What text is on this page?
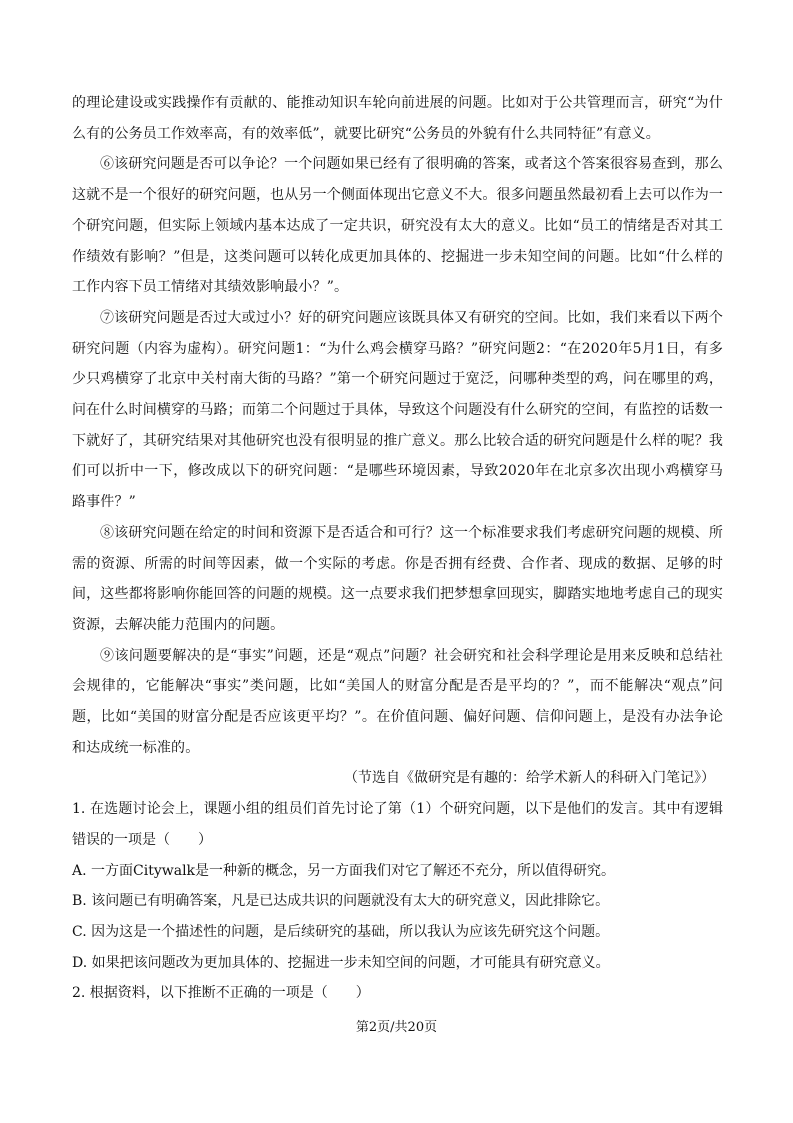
的理论建设或实践操作有贡献的、能推动知识车轮向前进展的问题。比如对于公共管理而言，研究“为什么有的公务员工作效率高，有的效率低”，就要比研究“公务员的外貌有什么共同特征”有意义。

⑥该研究问题是否可以争论？一个问题如果已经有了很明确的答案，或者这个答案很容易查到，那么这就不是一个很好的研究问题，也从另一个侧面体现出它意义不大。很多问题虽然最初看上去可以作为一个研究问题，但实际上领域内基本达成了一定共识，研究没有太大的意义。比如“员工的情绪是否对其工作绩效有影响？”但是，这类问题可以转化成更加具体的、挖掘进一步未知空间的问题。比如“什么样的工作内容下员工情绪对其绩效影响最小？”。

⑦该研究问题是否过大或过小？好的研究问题应该既具体又有研究的空间。比如，我们来看以下两个研究问题（内容为虚构）。研究问题1：“为什么鸡会横穿马路？”研究问题2：“在2020年5月1日，有多少只鸡横穿了北京中关村南大街的马路？”第一个研究问题过于宽泛，问哪种类型的鸡，问在哪里的鸡，问在什么时间横穿的马路；而第二个问题过于具体，导致这个问题没有什么研究的空间，有监控的话数一下就好了，其研究结果对其他研究也没有很明显的推广意义。那么比较合适的研究问题是什么样的呢？我们可以折中一下，修改成以下的研究问题：“是哪些环境因素，导致2020年在北京多次出现小鸡横穿马路事件？”

⑧该研究问题在给定的时间和资源下是否适合和可行？这一个标准要求我们考虑研究问题的规模、所需的资源、所需的时间等因素，做一个实际的考虑。你是否拥有经费、合作者、现成的数据、足够的时间，这些都将影响你能回答的问题的规模。这一点要求我们把梦想拿回现实，脚踏实地地考虑自己的现实资源，去解决能力范围内的问题。

⑨该问题要解决的是“事实”问题，还是“观点”问题？社会研究和社会科学理论是用来反映和总结社会规律的，它能解决“事实”类问题，比如“美国人的财富分配是否是平均的？”，而不能解决“观点”问题，比如“美国的财富分配是否应该更平均？”。在价值问题、偏好问题、信仰问题上，是没有办法争论和达成统一标准的。

（节选自《做研究是有趣的：给学术新人的科研入门笔记》）

1. 在选题讨论会上，课题小组的组员们首先讨论了第（1）个研究问题，以下是他们的发言。其中有逻辑错误的一项是（　　）

A. 一方面Citywalk是一种新的概念，另一方面我们对它了解还不充分，所以值得研究。

B. 该问题已有明确答案，凡是已达成共识的问题就没有太大的研究意义，因此排除它。

C. 因为这是一个描述性的问题，是后续研究的基础，所以我认为应该先研究这个问题。

D. 如果把该问题改为更加具体的、挖掘进一步未知空间的问题，才可能具有研究意义。

2. 根据资料，以下推断不正确的一项是（　　）

第2页/共20页
